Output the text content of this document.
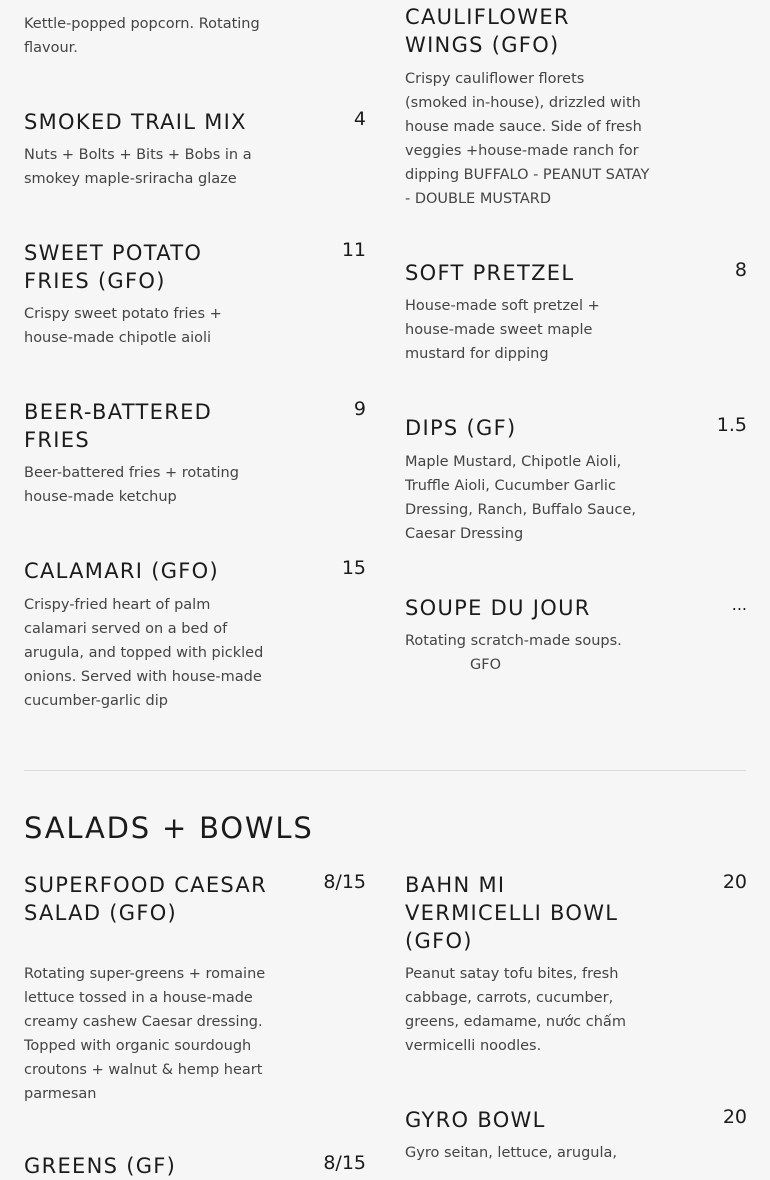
Kettle-popped popcorn. Rotating flavour.
SMOKED TRAIL MIX	4
Nuts + Bolts + Bits + Bobs in a smokey maple-sriracha glaze
SWEET POTATO FRIES (GFO)
11
Crispy sweet potato fries + house-made chipotle aioli
BEER-BATTERED FRIES
9
Beer-battered fries + rotating house-made ketchup
CALAMARI (GFO)	15
Crispy-fried heart of palm calamari served on a bed of arugula, and topped with pickled onions. Served with house-made cucumber-garlic dip
CAULIFLOWER WINGS (GFO)
Crispy cauliflower florets (smoked in-house), drizzled with house made sauce. Side of fresh veggies +house-made ranch for dipping BUFFALO - PEANUT SATAY - DOUBLE MUSTARD
SOFT PRETZEL	8
House-made soft pretzel + house-made sweet maple mustard for dipping
DIPS (GF)	1.5
Maple Mustard, Chipotle Aioli, Truffle Aioli, Cucumber Garlic Dressing, Ranch, Buffalo Sauce, Caesar Dressing
SOUPE DU JOUR	...
Rotating scratch-made soups.
GFO
SALADS + BOWLS
SUPERFOOD CAESAR SALAD (GFO)
8/15
Rotating super-greens + romaine lettuce tossed in a house-made creamy cashew Caesar dressing. Topped with organic sourdough croutons + walnut & hemp heart parmesan
GREENS (GF)	8/15
BAHN MI VERMICELLI BOWL (GFO)
20
Peanut satay tofu bites, fresh cabbage, carrots, cucumber, greens, edamame, nước chấm vermicelli noodles.
GYRO BOWL	20
Gyro seitan, lettuce, arugula,
